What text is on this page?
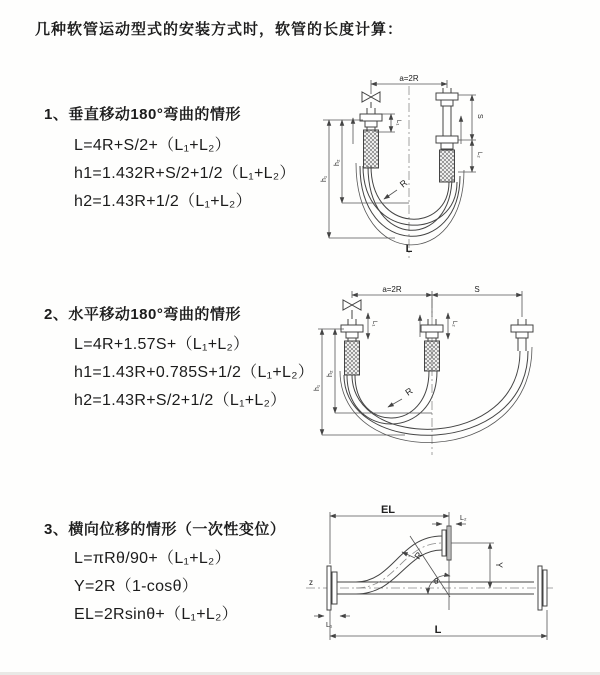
几种软管运动型式的安装方式时，软管的长度计算：
1、垂直移动180°弯曲的情形
L=4R+S/2+（L₁+L₂）
h1=1.432R+S/2+1/2（L₁+L₂）
h2=1.43R+1/2（L₁+L₂）
a=2R
L₁
S
L₂
h₁
h₂
R
L
2、水平移动180°弯曲的情形
L=4R+1.57S+（L₁+L₂）
h1=1.43R+0.785S+1/2（L₁+L₂）
h2=1.43R+S/2+1/2（L₁+L₂）
a=2R	S
L₁	L₂
h₁
h₂
R
3、横向位移的情形（一次性变位）
L=πRθ/90+（L₁+L₂）
Y=2R（1-cosθ）
EL=2Rsinθ+（L₁+L₂）
z	θ
R
EL
L₂
Y
L
L₁
